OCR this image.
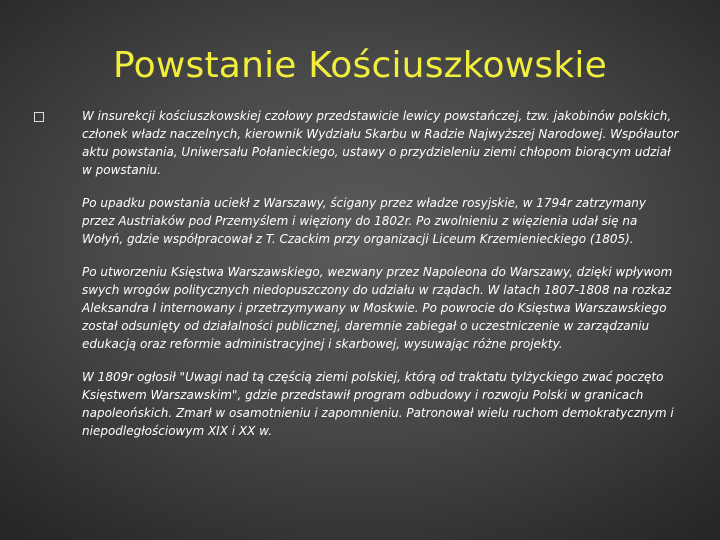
Powstanie Kościuszkowskie

W insurekcji kościuszkowskiej czołowy przedstawicie lewicy powstańczej, tzw. jakobinów polskich, członek władz naczelnych, kierownik Wydziału Skarbu w Radzie Najwyższej Narodowej. Współautor aktu powstania, Uniwersału Połanieckiego, ustawy o przydzieleniu ziemi chłopom biorącym udział w powstaniu.

Po upadku powstania uciekł z Warszawy, ścigany przez władze rosyjskie, w 1794r zatrzymany przez Austriaków pod Przemyślem i więziony do 1802r. Po zwolnieniu z więzienia udał się na Wołyń, gdzie współpracował z T. Czackim przy organizacji Liceum Krzemienieckiego (1805).

Po utworzeniu Księstwa Warszawskiego, wezwany przez Napoleona do Warszawy, dzięki wpływom swych wrogów politycznych niedopuszczony do udziału w rządach. W latach 1807-1808 na rozkaz Aleksandra I internowany i przetrzymywany w Moskwie. Po powrocie do Księstwa Warszawskiego został odsunięty od działalności publicznej, daremnie zabiegał o uczestniczenie w zarządzaniu edukacją oraz reformie administracyjnej i skarbowej, wysuwając różne projekty.

W 1809r ogłosił "Uwagi nad tą częścią ziemi polskiej, którą od traktatu tylżyckiego zwać poczęto Księstwem Warszawskim", gdzie przedstawił program odbudowy i rozwoju Polski w granicach napoleońskich. Zmarł w osamotnieniu i zapomnieniu. Patronował wielu ruchom demokratycznym i niepodległościowym XIX i XX w.
